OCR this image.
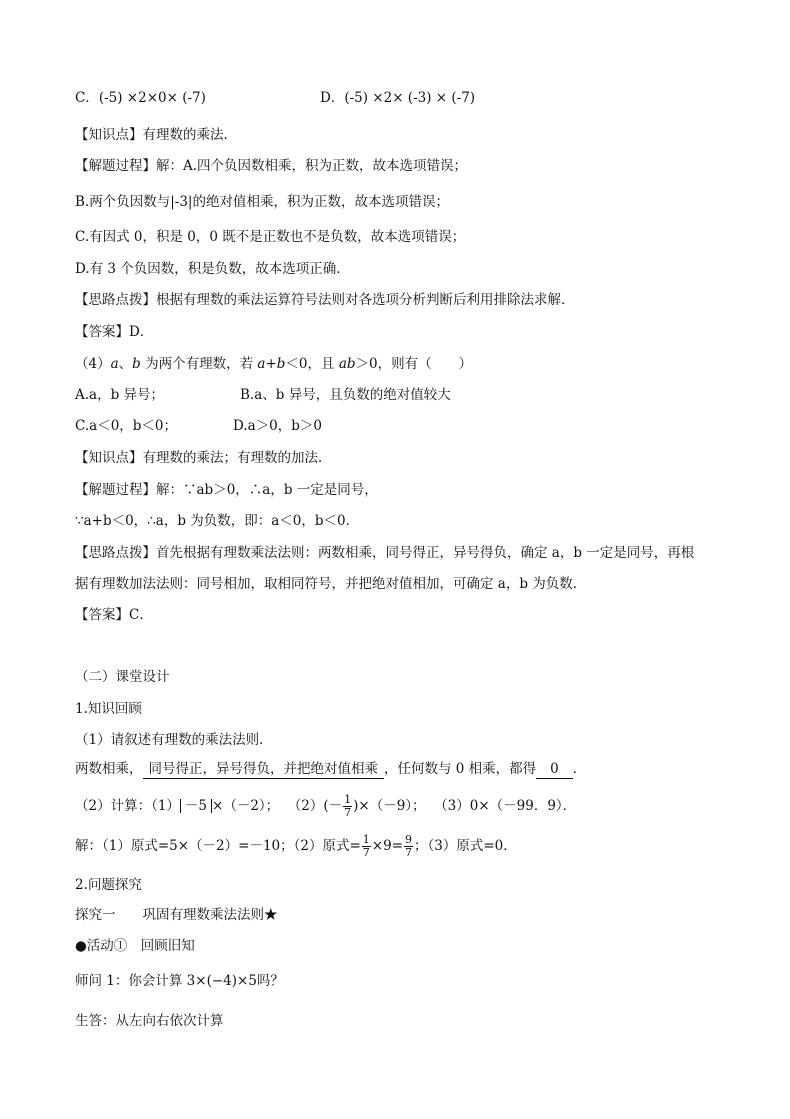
C．(-5) ×2×0× (-7)	D．(-5) ×2× (-3) × (-7)
【知识点】有理数的乘法．
【解题过程】解：A.四个负因数相乘，积为正数，故本选项错误；
B.两个负因数与|-3|的绝对值相乘，积为正数，故本选项错误；
C.有因式 0，积是 0，0 既不是正数也不是负数，故本选项错误；
D.有 3 个负因数，积是负数，故本选项正确．
【思路点拨】根据有理数的乘法运算符号法则对各选项分析判断后利用排除法求解．
【答案】D．
（4）a、b 为两个有理数，若 a+b＜0，且 ab＞0，则有（　　）
A.a，b 异号；	B.a、b 异号，且负数的绝对值较大
C.a＜0，b＜0；	D.a＞0，b＞0
【知识点】有理数的乘法；有理数的加法．
【解题过程】解：∵ab＞0，∴a，b 一定是同号，
∵a+b＜0，∴a，b 为负数，即：a＜0，b＜0．
【思路点拨】首先根据有理数乘法法则：两数相乘，同号得正，异号得负，确定 a，b 一定是同号，再根
据有理数加法法则：同号相加，取相同符号，并把绝对值相加，可确定 a，b 为负数．
【答案】C．
（二）课堂设计
1.知识回顾
（1）请叙述有理数的乘法法则．
两数相乘， 同号得正，异号得负，并把绝对值相乘 ，任何数与 0 相乘，都得 0 ．
（2）计算：（1） －5 ×（－2）； $(2)(- \frac{1}{7} )\times(-9)$； （3）0×（－99．9）．
解：（1）原式=5×（－2）=－10；（2）原式= $\frac{1}{7} \times 9= \frac{9}{7}$ ；（3）原式=0．
2.问题探究
探究一　　巩固有理数乘法法则★
●活动①　回顾旧知
师问 1：你会计算 3×(−4)×5吗？
生答：从左向右依次计算
